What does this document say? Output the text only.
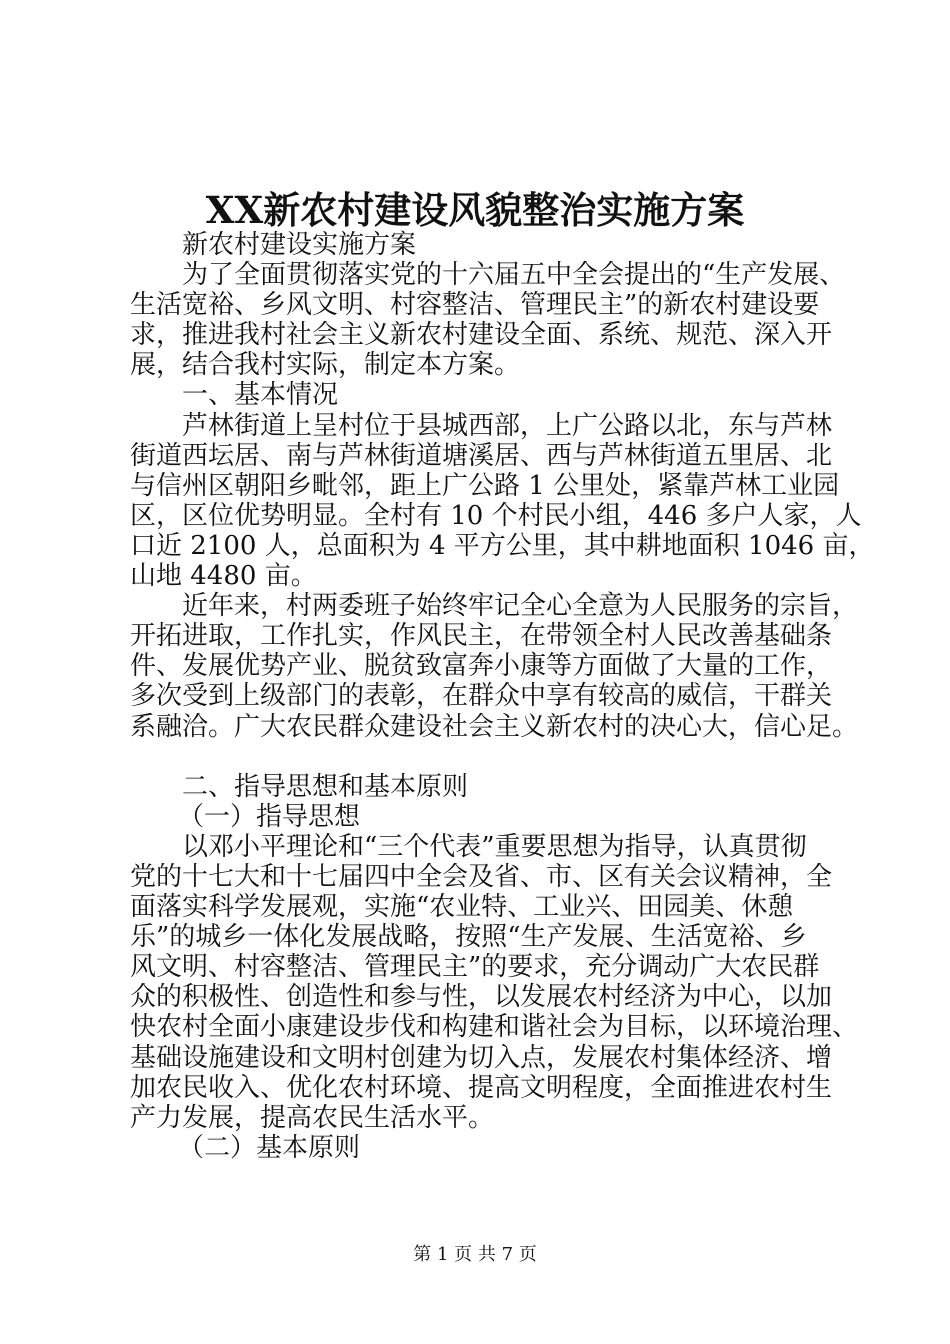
XX新农村建设风貌整治实施方案
新农村建设实施方案
为了全面贯彻落实党的十六届五中全会提出的“生产发展、
生活宽裕、乡风文明、村容整洁、管理民主”的新农村建设要
求，推进我村社会主义新农村建设全面、系统、规范、深入开
展，结合我村实际，制定本方案。
一、基本情况
芦林街道上呈村位于县城西部，上广公路以北，东与芦林
街道西坛居、南与芦林街道塘溪居、西与芦林街道五里居、北
与信州区朝阳乡毗邻，距上广公路 1 公里处，紧靠芦林工业园
区，区位优势明显。全村有 10 个村民小组，446 多户人家，人
口近 2100 人，总面积为 4 平方公里，其中耕地面积 1046 亩，
山地 4480 亩。
近年来，村两委班子始终牢记全心全意为人民服务的宗旨，
开拓进取，工作扎实，作风民主，在带领全村人民改善基础条
件、发展优势产业、脱贫致富奔小康等方面做了大量的工作，
多次受到上级部门的表彰，在群众中享有较高的威信，干群关
系融洽。广大农民群众建设社会主义新农村的决心大，信心足。
二、指导思想和基本原则
（一）指导思想
以邓小平理论和“三个代表”重要思想为指导，认真贯彻
党的十七大和十七届四中全会及省、市、区有关会议精神，全
面落实科学发展观，实施“农业特、工业兴、田园美、休憩
乐”的城乡一体化发展战略，按照“生产发展、生活宽裕、乡
风文明、村容整洁、管理民主”的要求，充分调动广大农民群
众的积极性、创造性和参与性，以发展农村经济为中心，以加
快农村全面小康建设步伐和构建和谐社会为目标，以环境治理、
基础设施建设和文明村创建为切入点，发展农村集体经济、增
加农民收入、优化农村环境、提高文明程度，全面推进农村生
产力发展，提高农民生活水平。
（二）基本原则
第 1 页 共 7 页
